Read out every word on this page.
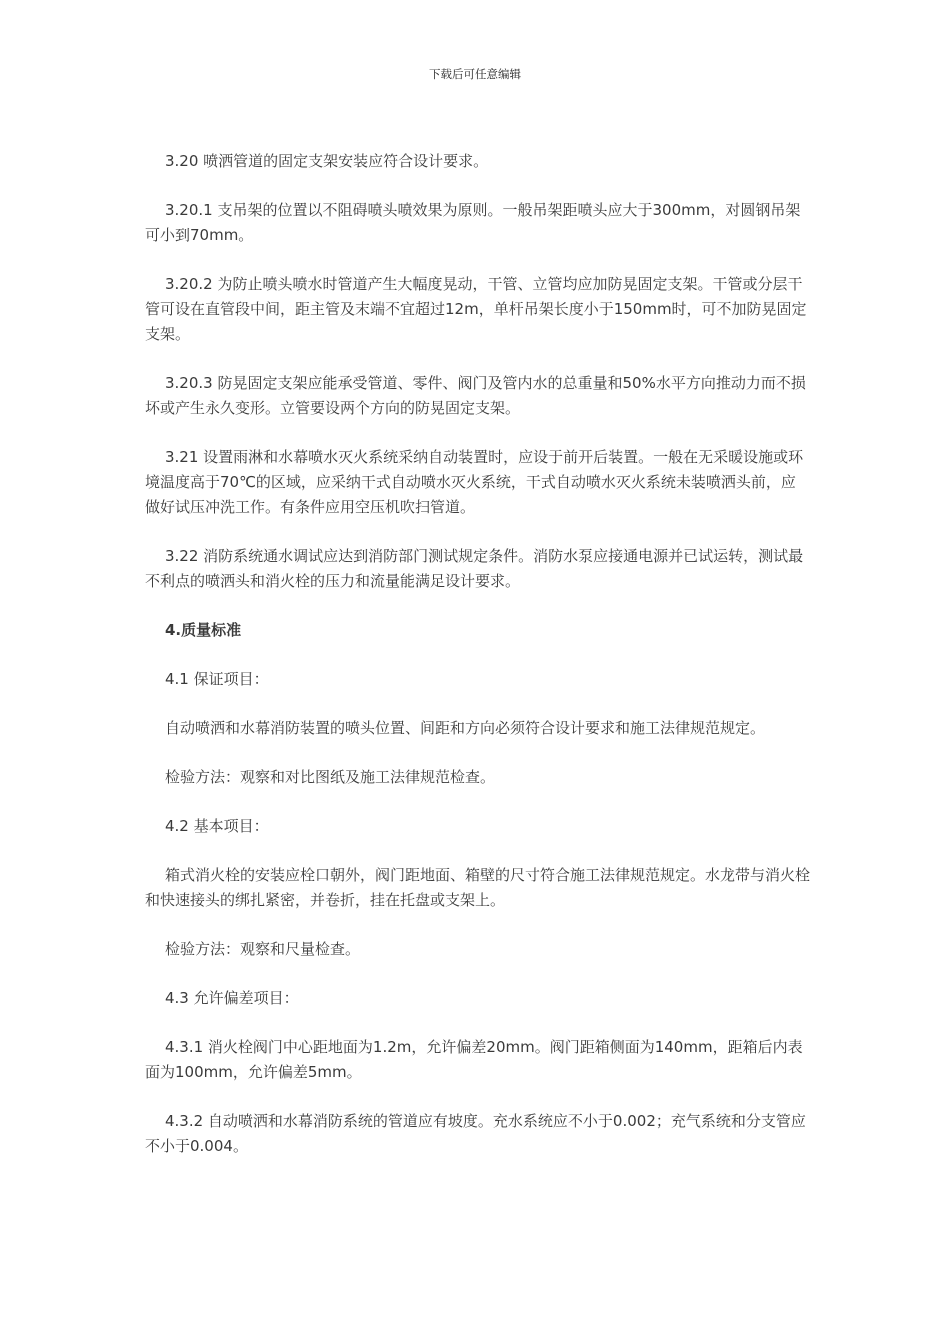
下载后可任意编辑

3.20 喷洒管道的固定支架安装应符合设计要求。

3.20.1 支吊架的位置以不阻碍喷头喷效果为原则。一般吊架距喷头应大于300mm，对圆钢吊架可小到70mm。

3.20.2 为防止喷头喷水时管道产生大幅度晃动，干管、立管均应加防晃固定支架。干管或分层干管可设在直管段中间，距主管及末端不宜超过12m，单杆吊架长度小于150mm时，可不加防晃固定支架。

3.20.3 防晃固定支架应能承受管道、零件、阀门及管内水的总重量和50%水平方向推动力而不损坏或产生永久变形。立管要设两个方向的防晃固定支架。

3.21 设置雨淋和水幕喷水灭火系统采纳自动装置时，应设于前开后装置。一般在无采暖设施或环境温度高于70℃的区域，应采纳干式自动喷水灭火系统，干式自动喷水灭火系统未装喷洒头前，应做好试压冲洗工作。有条件应用空压机吹扫管道。

3.22 消防系统通水调试应达到消防部门测试规定条件。消防水泵应接通电源并已试运转，测试最不利点的喷洒头和消火栓的压力和流量能满足设计要求。

4.质量标准

4.1 保证项目：

自动喷洒和水幕消防装置的喷头位置、间距和方向必须符合设计要求和施工法律规范规定。

检验方法：观察和对比图纸及施工法律规范检查。

4.2 基本项目：

箱式消火栓的安装应栓口朝外，阀门距地面、箱壁的尺寸符合施工法律规范规定。水龙带与消火栓和快速接头的绑扎紧密，并卷折，挂在托盘或支架上。

检验方法：观察和尺量检查。

4.3 允许偏差项目：

4.3.1 消火栓阀门中心距地面为1.2m，允许偏差20mm。阀门距箱侧面为140mm，距箱后内表面为100mm，允许偏差5mm。

4.3.2 自动喷洒和水幕消防系统的管道应有坡度。充水系统应不小于0.002；充气系统和分支管应不小于0.004。
